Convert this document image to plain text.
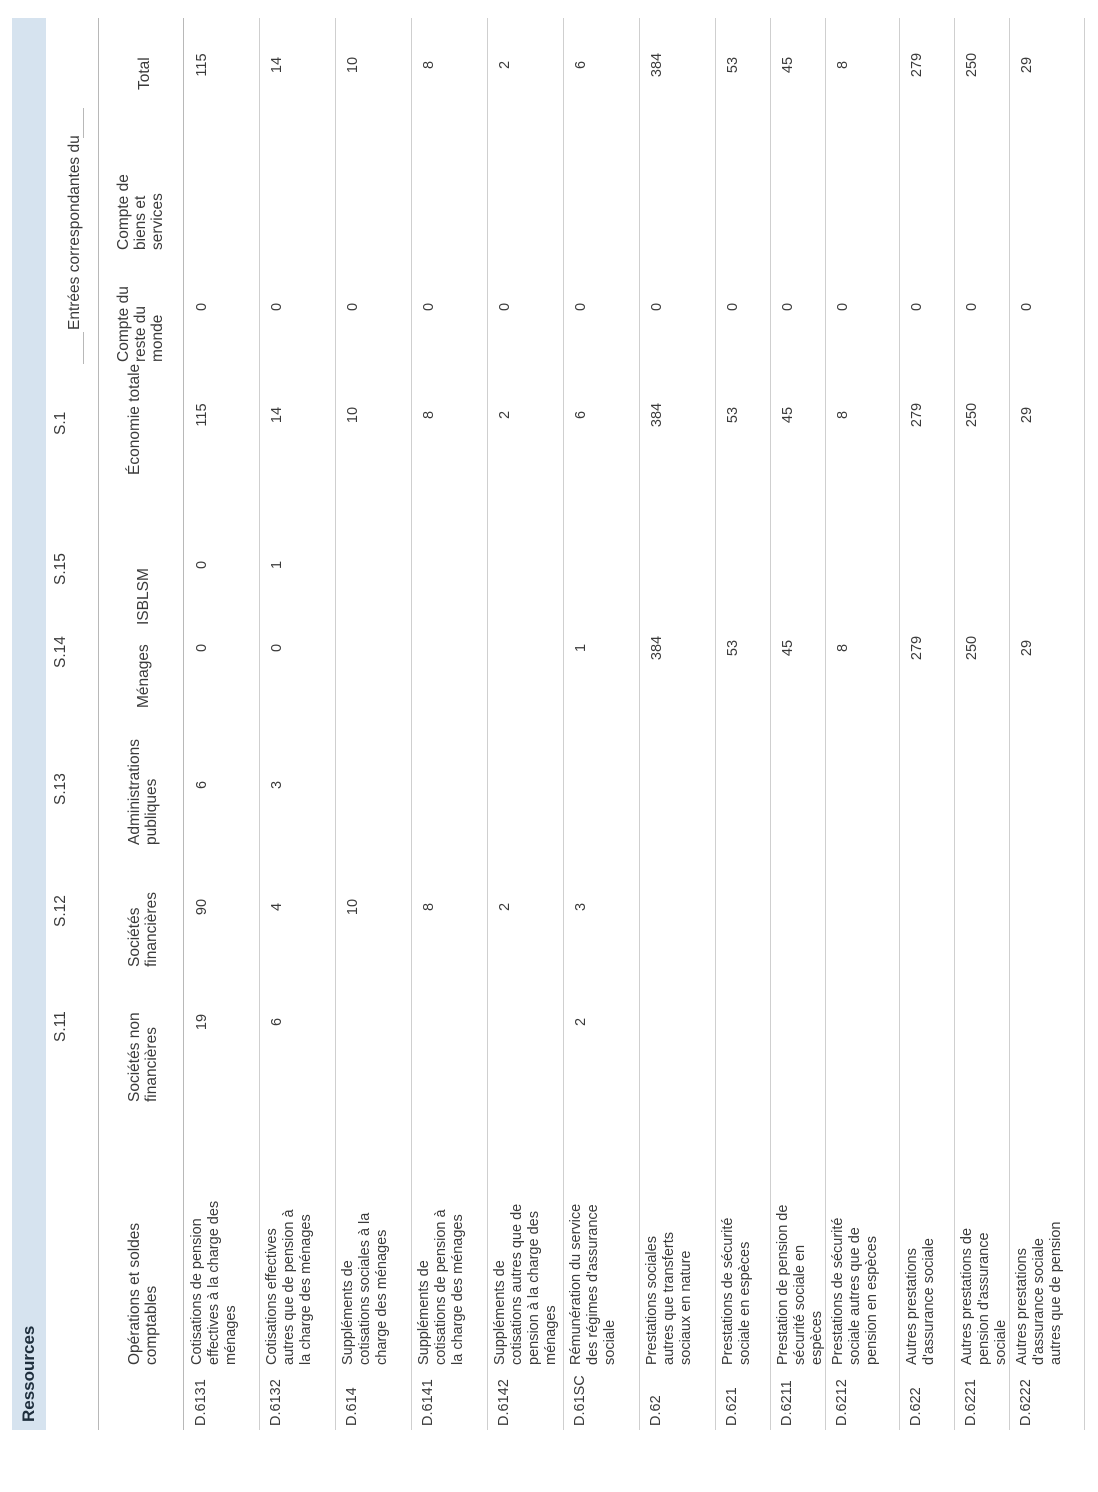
Ressources
S.11
S.12
S.13
S.14
S.15
S.1
Entrées correspondantes du
Sociétés non financières
Sociétés financières
Administrations publiques
Ménages
ISBLSM
Économie totale
Opérations et soldes comptables
Compte du reste du monde
Compte de biens et services
Total
D.6131
Cotisations de pension effectives à la charge des ménages
19
90
6
0
0
115
0
115
D.6132
Cotisations effectives autres que de pension à la charge des ménages
6
4
3
0
1
14
0
14
D.614
Suppléments de cotisations sociales à la charge des ménages
10
10
0
10
D.6141
Suppléments de cotisations de pension à la charge des ménages
8
8
0
8
D.6142
Suppléments de cotisations autres que de pension à la charge des ménages
2
2
0
2
D.61SC
Rémunération du service des régimes d'assurance sociale
2
3
1
6
0
6
D.62
Prestations sociales autres que transferts sociaux en nature
384
384
0
384
D.621
Prestations de sécurité sociale en espèces
53
53
0
53
D.6211
Prestation de pension de sécurité sociale en espèces
45
45
0
45
D.6212
Prestations de sécurité sociale autres que de pension en espèces
8
8
0
8
D.622
Autres prestations d'assurance sociale
279
279
0
279
D.6221
Autres prestations de pension d'assurance sociale
250
250
0
250
D.6222
Autres prestations d'assurance sociale autres que de pension
29
29
0
29
